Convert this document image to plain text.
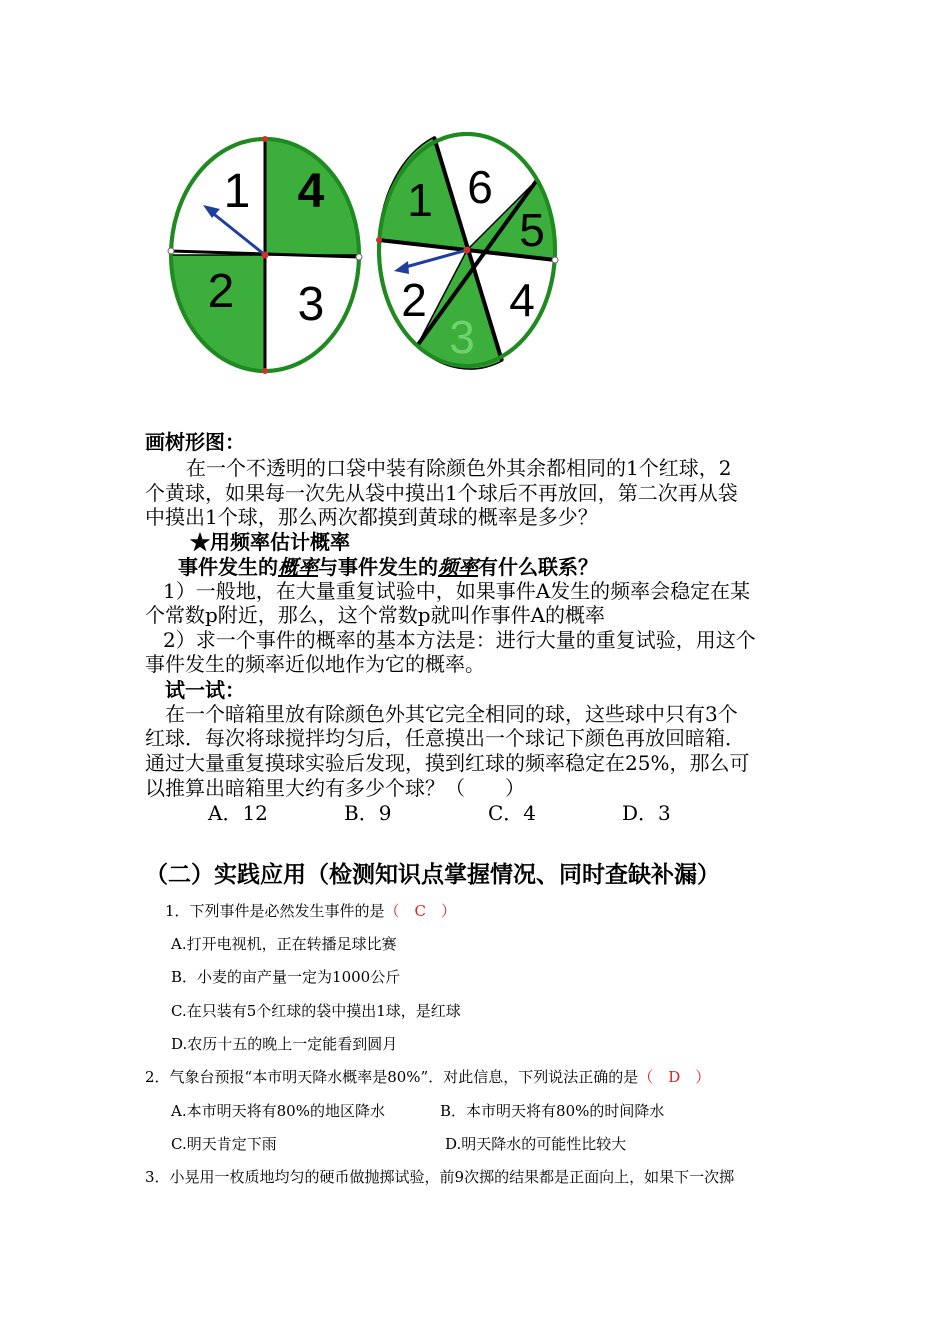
1 4
2 3
1 6
5
4
3
2
画树形图：
在一个不透明的口袋中装有除颜色外其余都相同的1个红球，2
个黄球，如果每一次先从袋中摸出1个球后不再放回，第二次再从袋
中摸出1个球，那么两次都摸到黄球的概率是多少？
★用频率估计概率
事件发生的概率与事件发生的频率有什么联系？
1）一般地，在大量重复试验中，如果事件A发生的频率会稳定在某
个常数p附近，那么，这个常数p就叫作事件A的概率
2）求一个事件的概率的基本方法是：进行大量的重复试验，用这个
事件发生的频率近似地作为它的概率。
试一试：
在一个暗箱里放有除颜色外其它完全相同的球，这些球中只有3个
红球．每次将球搅拌均匀后，任意摸出一个球记下颜色再放回暗箱．
通过大量重复摸球实验后发现，摸到红球的频率稳定在25%，那么可
以推算出暗箱里大约有多少个球？（　　）
A．12	B．9	C．4	D．3
（二）实践应用（检测知识点掌握情况、同时查缺补漏）
1．下列事件是必然发生事件的是（　C　）
A.打开电视机，正在转播足球比赛
B．小麦的亩产量一定为1000公斤
C.在只装有5个红球的袋中摸出1球，是红球
D.农历十五的晚上一定能看到圆月
2．气象台预报“本市明天降水概率是80%”．对此信息，下列说法正确的是（　D　）
A.本市明天将有80%的地区降水	B．本市明天将有80%的时间降水
C.明天肯定下雨	D.明天降水的可能性比较大
3．小晃用一枚质地均匀的硬币做抛掷试验，前9次掷的结果都是正面向上，如果下一次掷
